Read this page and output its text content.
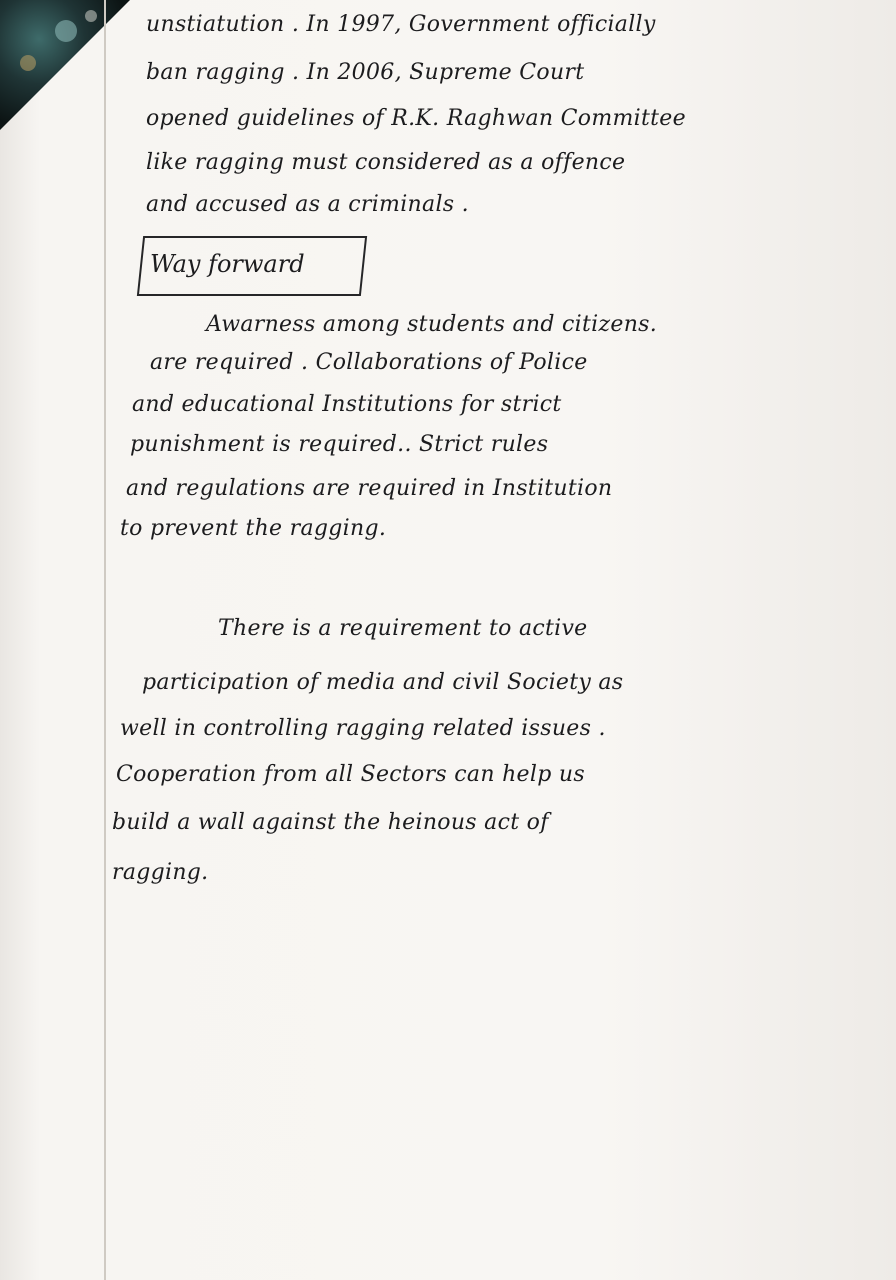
unstiatution . In 1997, Government officially
ban ragging . In 2006, Supreme Court
opened guidelines of R.K. Raghwan Committee
like ragging must considered as a offence
and accused as a criminals .
Way forward
Awarness among students and citizens.
are required . Collaborations of Police
and educational Institutions for strict
punishment is required.. Strict rules
and regulations are required in Institution
to prevent the ragging.
There is a requirement to active
participation of media and civil Society as
well in controlling ragging related issues .
Cooperation from all Sectors can help us
build a wall against the heinous act of
ragging.
